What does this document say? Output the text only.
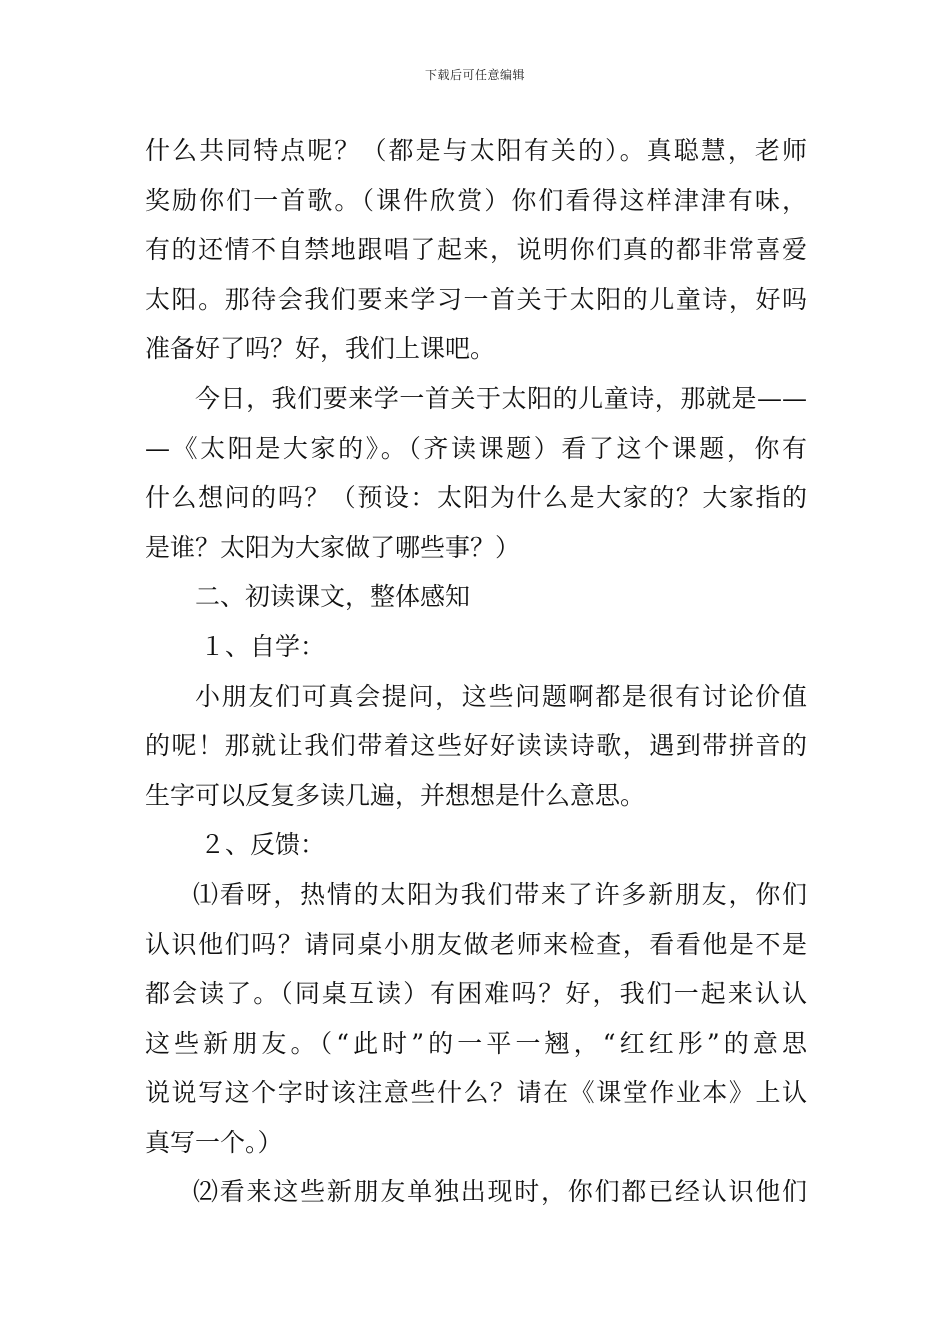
下载后可任意编辑
什么共同特点呢？（都是与太阳有关的）。真聪慧，老师
奖励你们一首歌。（课件欣赏）你们看得这样津津有味，
有的还情不自禁地跟唱了起来，说明你们真的都非常喜爱
太阳。那待会我们要来学习一首关于太阳的儿童诗，好吗
准备好了吗？好，我们上课吧。
今日，我们要来学一首关于太阳的儿童诗，那就是——
—《太阳是大家的》。（齐读课题）看了这个课题，你有
什么想问的吗？（预设：太阳为什么是大家的？大家指的
是谁？太阳为大家做了哪些事？）
二、初读课文，整体感知
１、自学：
小朋友们可真会提问，这些问题啊都是很有讨论价值
的呢！那就让我们带着这些好好读读诗歌，遇到带拼音的
生字可以反复多读几遍，并想想是什么意思。
２、反馈：
⑴看呀，热情的太阳为我们带来了许多新朋友，你们
认识他们吗？请同桌小朋友做老师来检查，看看他是不是
都会读了。（同桌互读）有困难吗？好，我们一起来认认
这些新朋友。（“此时”的一平一翘，“红红彤”的意思
说说写这个字时该注意些什么？请在《课堂作业本》上认
真写一个。）
⑵看来这些新朋友单独出现时，你们都已经认识他们
